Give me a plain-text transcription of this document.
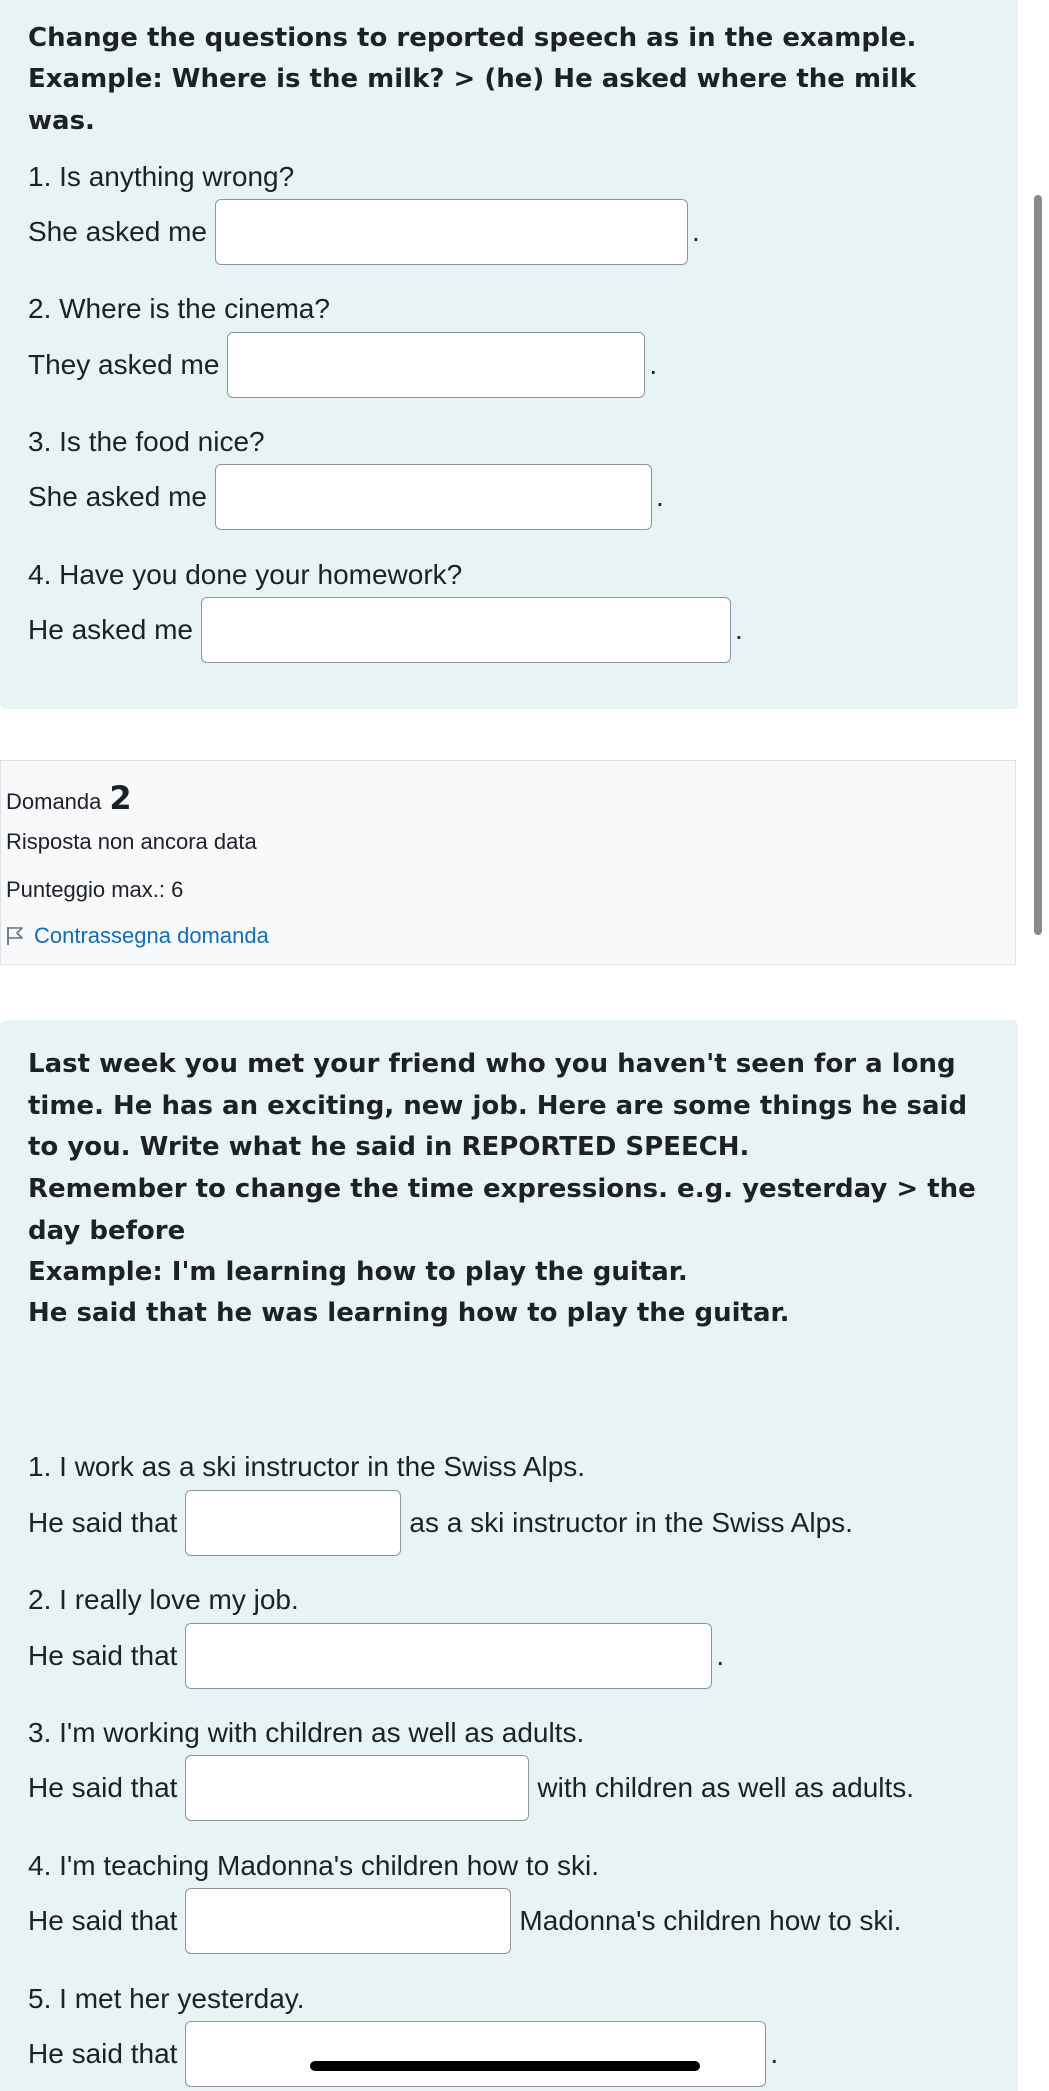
Change the questions to reported speech as in the example.

Example: Where is the milk? > (he) He asked where the milk was.

1. Is anything wrong?
She asked me	.
2. Where is the cinema?
They asked me	.
3. Is the food nice?
She asked me	.
4. Have you done your homework?
He asked me	.
Domanda 2
Risposta non ancora data
Punteggio max.: 6
Contrassegna domanda

Last week you met your friend who you haven't seen for a long time. He has an exciting, new job. Here are some things he said to you. Write what he said in REPORTED SPEECH.

Remember to change the time expressions. e.g. yesterday > the day before

Example: I'm learning how to play the guitar.

He said that he was learning how to play the guitar.

1. I work as a ski instructor in the Swiss Alps.
He said that	as a ski instructor in the Swiss Alps.
2. I really love my job.
He said that	.
3. I'm working with children as well as adults.
He said that	with children as well as adults.
4. I'm teaching Madonna's children how to ski.
He said that	Madonna's children how to ski.
5. I met her yesterday.
He said that	.
